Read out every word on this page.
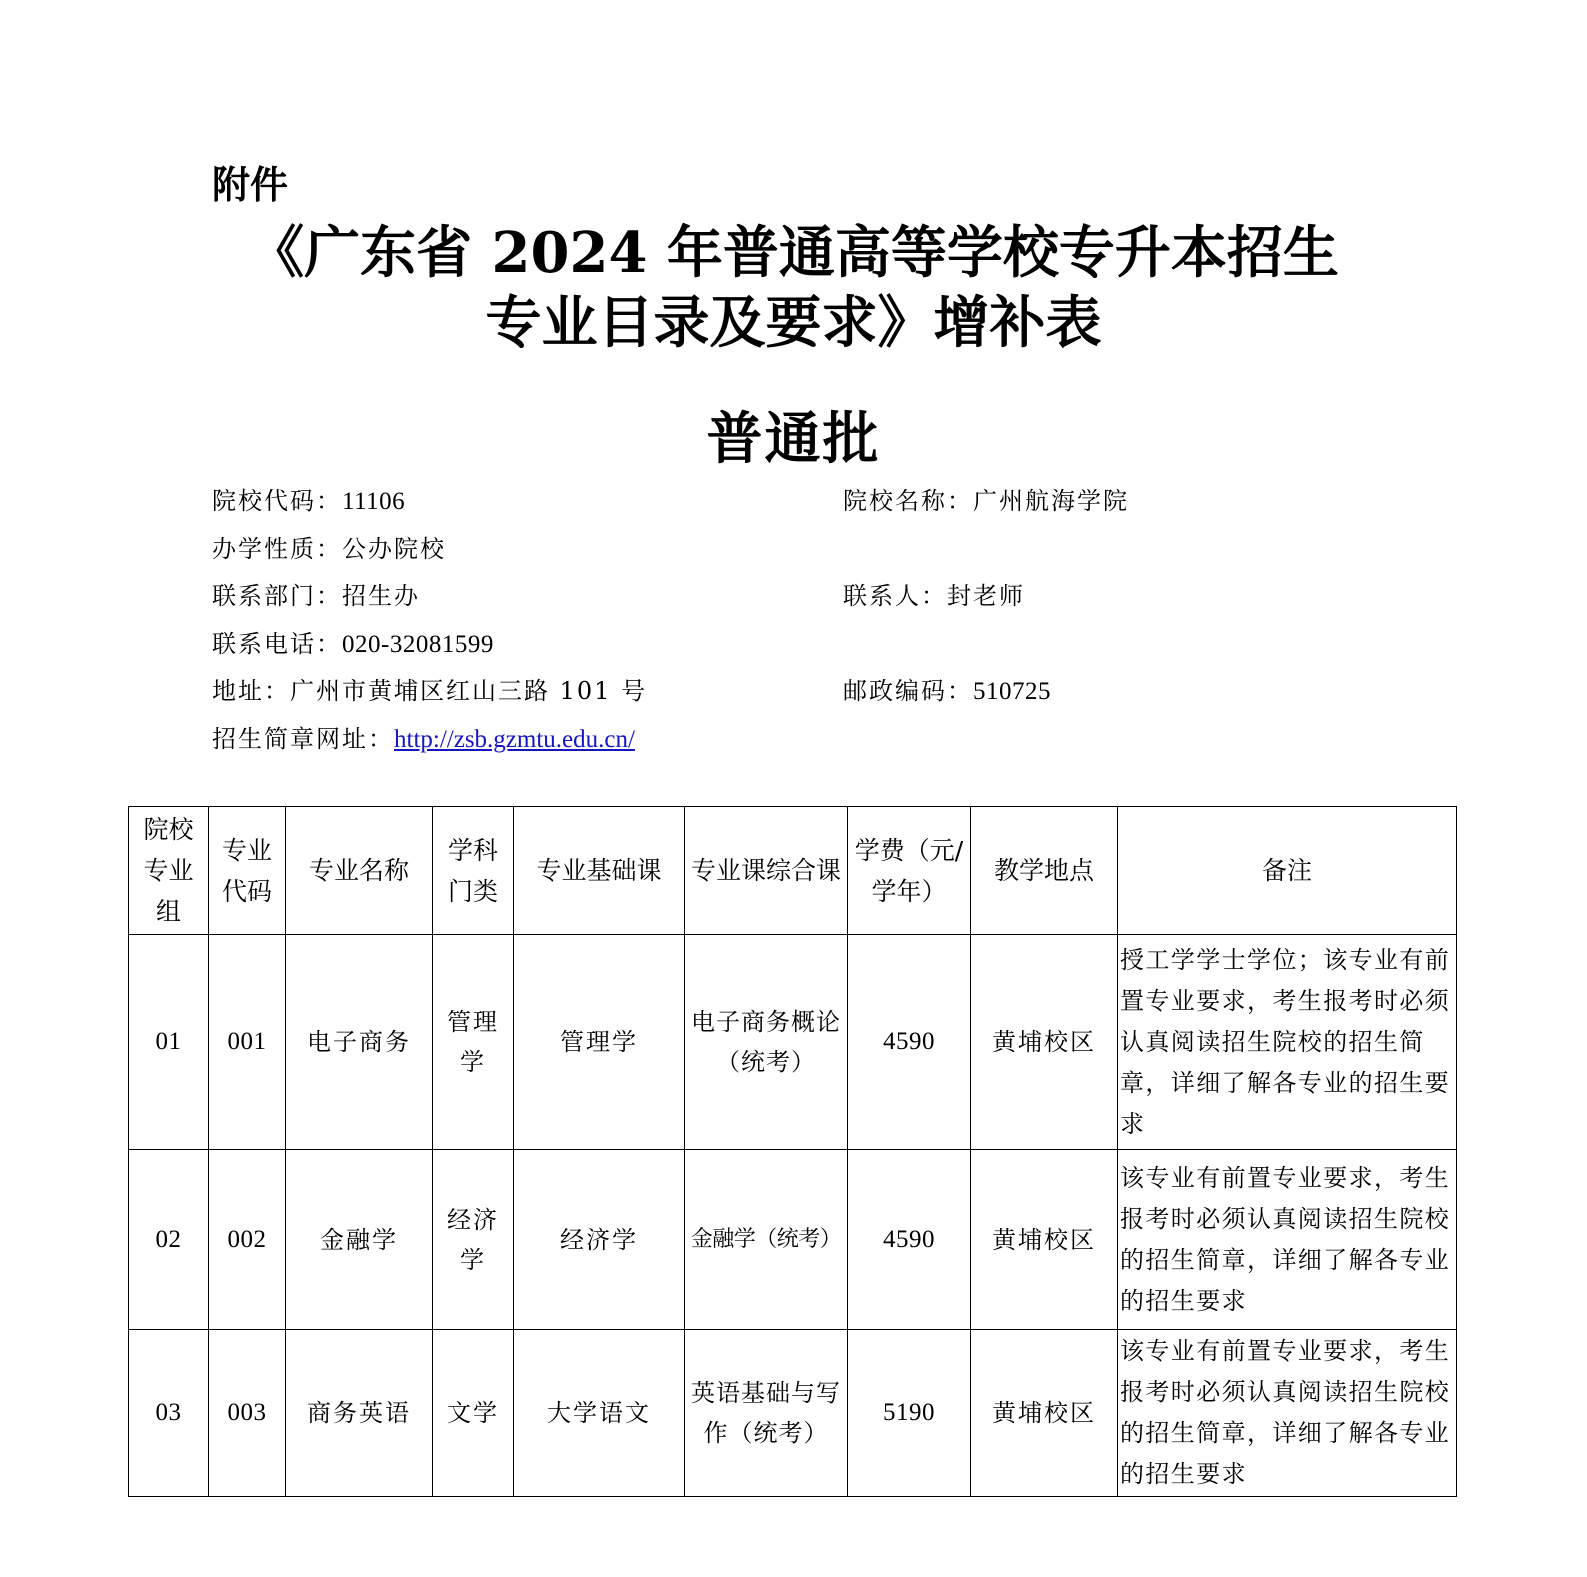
附件
《广东省 2024 年普通高等学校专升本招生
专业目录及要求》增补表
普通批
院校代码：11106	院校名称：广州航海学院
办学性质：公办院校
联系部门：招生办	联系人：封老师
联系电话：020-32081599
地址：广州市黄埔区红山三路 101 号	邮政编码：510725
招生简章网址：http://zsb.gzmtu.edu.cn/
院校专业组	专业代码	专业名称	学科门类	专业基础课	专业课综合课	学费（元/学年）	教学地点	备注
01	001	电子商务	管理学	管理学	电子商务概论（统考）	4590	黄埔校区	授工学学士学位；该专业有前置专业要求，考生报考时必须认真阅读招生院校的招生简章，详细了解各专业的招生要求
02	002	金融学	经济学	经济学	金融学（统考）	4590	黄埔校区	该专业有前置专业要求，考生报考时必须认真阅读招生院校的招生简章，详细了解各专业的招生要求
03	003	商务英语	文学	大学语文	英语基础与写作（统考）	5190	黄埔校区	该专业有前置专业要求，考生报考时必须认真阅读招生院校的招生简章，详细了解各专业的招生要求
